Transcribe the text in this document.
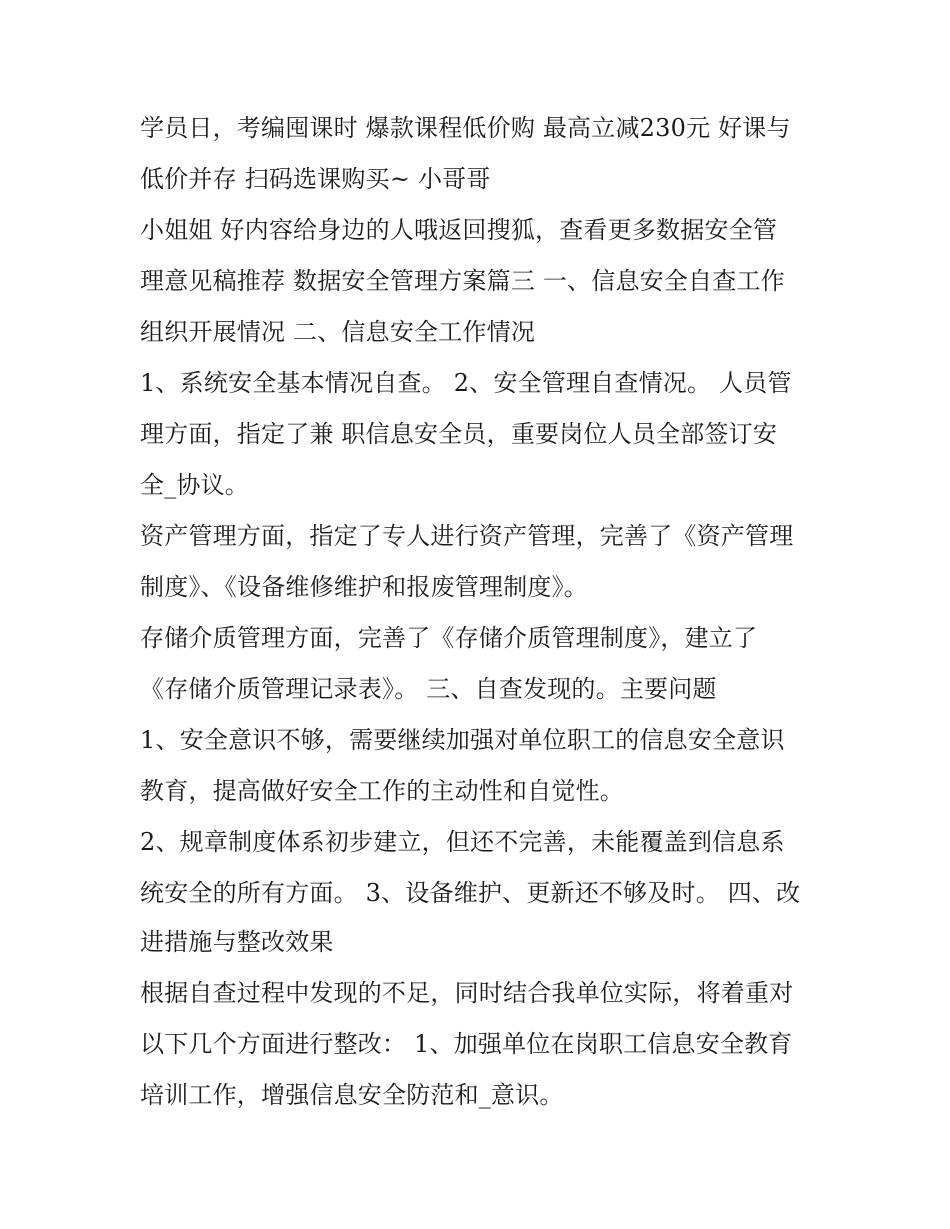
学员日，考编囤课时 爆款课程低价购 最高立减230元 好课与
低价并存 扫码选课购买~ 小哥哥
小姐姐 好内容给身边的人哦返回搜狐，查看更多数据安全管
理意见稿推荐 数据安全管理方案篇三 一、信息安全自查工作
组织开展情况 二、信息安全工作情况
1、系统安全基本情况自查。 2、安全管理自查情况。 人员管
理方面，指定了兼 职信息安全员，重要岗位人员全部签订安
全_协议。
资产管理方面，指定了专人进行资产管理，完善了《资产管理
制度》、《设备维修维护和报废管理制度》。
存储介质管理方面，完善了《存储介质管理制度》，建立了
《存储介质管理记录表》。 三、自查发现的。主要问题
1、安全意识不够，需要继续加强对单位职工的信息安全意识
教育，提高做好安全工作的主动性和自觉性。
2、规章制度体系初步建立，但还不完善，未能覆盖到信息系
统安全的所有方面。 3、设备维护、更新还不够及时。 四、改
进措施与整改效果
根据自查过程中发现的不足，同时结合我单位实际，将着重对
以下几个方面进行整改： 1、加强单位在岗职工信息安全教育
培训工作，增强信息安全防范和_意识。
